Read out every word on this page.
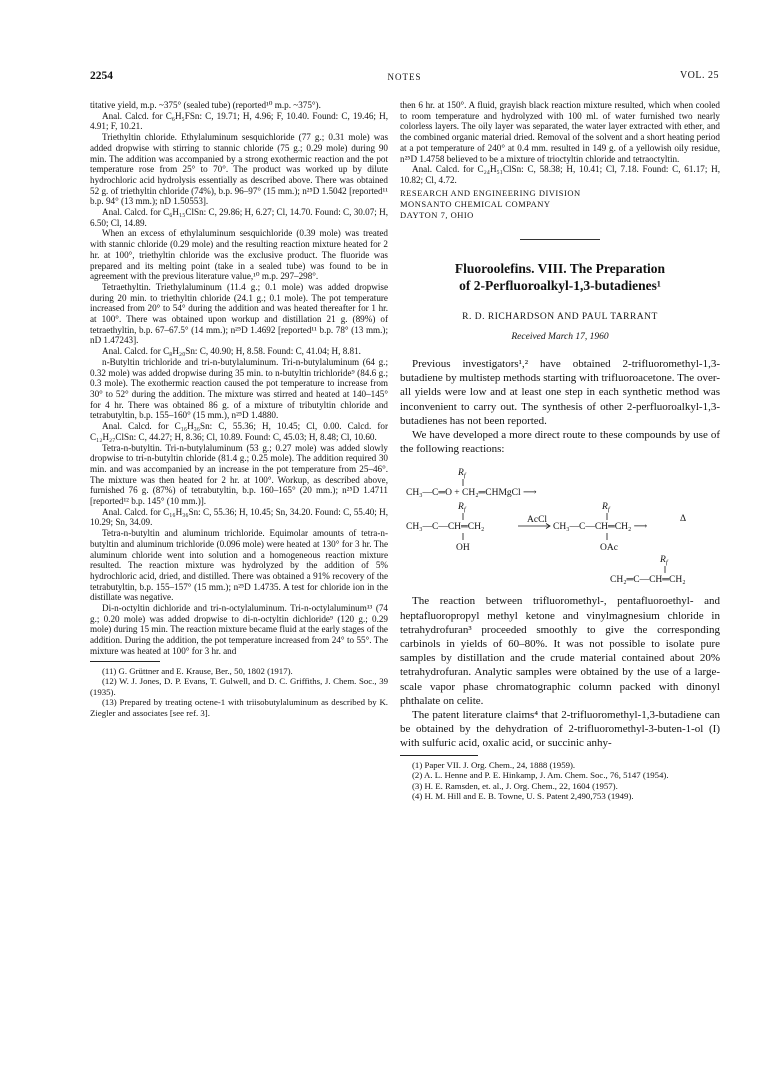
2254	NOTES	VOL. 25

titative yield, m.p. ~375° (sealed tube) (reported¹⁰ m.p. ~375°).

Anal. Calcd. for C₆H₅FSn: C, 19.71; H, 4.96; F, 10.40. Found: C, 19.46; H, 4.91; F, 10.21.

Triethyltin chloride. Ethylaluminum sesquichloride (77 g.; 0.31 mole) was added dropwise with stirring to stannic chloride (75 g.; 0.29 mole) during 90 min. The addition was accompanied by a strong exothermic reaction and the pot temperature rose from 25° to 70°. The product was worked up by dilute hydrochloric acid hydrolysis essentially as described above. There was obtained 52 g. of triethyltin chloride (74%), b.p. 96–97° (15 mm.); n²⁵D 1.5042 [reported¹¹ b.p. 94° (13 mm.); nD 1.50553].

Anal. Calcd. for C₆H₁₅ClSn: C, 29.86; H, 6.27; Cl, 14.70. Found: C, 30.07; H, 6.50; Cl, 14.89.

When an excess of ethylaluminum sesquichloride (0.39 mole) was treated with stannic chloride (0.29 mole) and the resulting reaction mixture heated for 2 hr. at 100°, triethyltin chloride was the exclusive product. The fluoride was prepared and its melting point (take in a sealed tube) was found to be in agreement with the previous literature value,¹⁰ m.p. 297–298°.

Tetraethyltin. Triethylaluminum (11.4 g.; 0.1 mole) was added dropwise during 20 min. to triethyltin chloride (24.1 g.; 0.1 mole). The pot temperature increased from 20° to 54° during the addition and was heated thereafter for 1 hr. at 100°. There was obtained upon workup and distillation 21 g. (89%) of tetraethyltin, b.p. 67–67.5° (14 mm.); n²⁵D 1.4692 [reported¹¹ b.p. 78° (13 mm.); nD 1.47243].

Anal. Calcd. for C₈H₂₀Sn: C, 40.90; H, 8.58. Found: C, 41.04; H, 8.81.

n-Butyltin trichloride and tri-n-butylaluminum. Tri-n-butylaluminum (64 g.; 0.32 mole) was added dropwise during 35 min. to n-butyltin trichloride⁹ (84.6 g.; 0.3 mole). The exothermic reaction caused the pot temperature to increase from 30° to 52° during the addition. The mixture was stirred and heated at 140–145° for 4 hr. There was obtained 86 g. of a mixture of tributyltin chloride and tetrabutyltin, b.p. 155–160° (15 mm.), n²⁵D 1.4880.

Anal. Calcd. for C₁₆H₃₆Sn: C, 55.36; H, 10.45; Cl, 0.00. Calcd. for C₁₂H₂₇ClSn: C, 44.27; H, 8.36; Cl, 10.89. Found: C, 45.03; H, 8.48; Cl, 10.60.

Tetra-n-butyltin. Tri-n-butylaluminum (53 g.; 0.27 mole) was added slowly dropwise to tri-n-butyltin chloride (81.4 g.; 0.25 mole). The addition required 30 min. and was accompanied by an increase in the pot temperature from 25–46°. The mixture was then heated for 2 hr. at 100°. Workup, as described above, furnished 76 g. (87%) of tetrabutyltin, b.p. 160–165° (20 mm.); n²⁵D 1.4711 [reported¹² b.p. 145° (10 mm.)].

Anal. Calcd. for C₁₆H₃₆Sn: C, 55.36; H, 10.45; Sn, 34.20. Found: C, 55.40; H, 10.29; Sn, 34.09.

Tetra-n-butyltin and aluminum trichloride. Equimolar amounts of tetra-n-butyltin and aluminum trichloride (0.096 mole) were heated at 130° for 3 hr. The aluminum chloride went into solution and a homogeneous reaction mixture resulted. The reaction mixture was hydrolyzed by the addition of 5% hydrochloric acid, dried, and distilled. There was obtained a 91% recovery of the tetrabutyltin, b.p. 155–157° (15 mm.); n²⁵D 1.4735. A test for chloride ion in the distillate was negative.

Di-n-octyltin dichloride and tri-n-octylaluminum. Tri-n-octylaluminum¹³ (74 g.; 0.20 mole) was added dropwise to di-n-octyltin dichloride⁹ (120 g.; 0.29 mole) during 15 min. The reaction mixture became fluid at the early stages of the addition. During the addition, the pot temperature increased from 24° to 55°. The mixture was heated at 100° for 3 hr. and

(11) G. Grüttner and E. Krause, Ber., 50, 1802 (1917).

(12) W. J. Jones, D. P. Evans, T. Gulwell, and D. C. Griffiths, J. Chem. Soc., 39 (1935).

(13) Prepared by treating octene-1 with triisobutylaluminum as described by K. Ziegler and associates [see ref. 3].

then 6 hr. at 150°. A fluid, grayish black reaction mixture resulted, which when cooled to room temperature and hydrolyzed with 100 ml. of water furnished two nearly colorless layers. The oily layer was separated, the water layer extracted with ether, and the combined organic material dried. Removal of the solvent and a short heating period at a pot temperature of 240° at 0.4 mm. resulted in 149 g. of a yellowish oily residue, n²⁵D 1.4758 believed to be a mixture of trioctyltin chloride and tetraoctyltin.

Anal. Calcd. for C₂₄H₅₁ClSn: C, 58.38; H, 10.41; Cl, 7.18. Found: C, 61.17; H, 10.82; Cl, 4.72.

RESEARCH AND ENGINEERING DIVISION
MONSANTO CHEMICAL COMPANY
DAYTON 7, OHIO
Fluoroolefins. VIII. The Preparation
of 2-Perfluoroalkyl-1,3-butadienes¹
R. D. RICHARDSON AND PAUL TARRANT
Received March 17, 1960

Previous investigators¹,² have obtained 2-trifluoromethyl-1,3-butadiene by multistep methods starting with trifluoroacetone. The over-all yields were low and at least one step in each synthetic method was inconvenient to carry out. The synthesis of other 2-perfluoroalkyl-1,3-butadienes has not been reported.

We have developed a more direct route to these compounds by use of the following reactions:

$R_f$
CH₃—C═O + CH₂═CHMgCl ⟶
$R_f$	$R_f$
CH₃—C—CH═CH₂
AcCl
CH₃—C—CH═CH₂ ⟶
Δ
OH	OAc
$R_f$
CH₂═C—CH═CH₂

The reaction between trifluoromethyl-, pentafluoroethyl- and heptafluoropropyl methyl ketone and vinylmagnesium chloride in tetrahydrofuran³ proceeded smoothly to give the corresponding carbinols in yields of 60–80%. It was not possible to isolate pure samples by distillation and the crude material contained about 20% tetrahydrofuran. Analytic samples were obtained by the use of a large-scale vapor phase chromatographic column packed with dinonyl phthalate on celite.

The patent literature claims⁴ that 2-trifluoromethyl-1,3-butadiene can be obtained by the dehydration of 2-trifluoromethyl-3-buten-1-ol (I) with sulfuric acid, oxalic acid, or succinic anhy-

(1) Paper VII. J. Org. Chem., 24, 1888 (1959).

(2) A. L. Henne and P. E. Hinkamp, J. Am. Chem. Soc., 76, 5147 (1954).

(3) H. E. Ramsden, et. al., J. Org. Chem., 22, 1604 (1957).

(4) H. M. Hill and E. B. Towne, U. S. Patent 2,490,753 (1949).
